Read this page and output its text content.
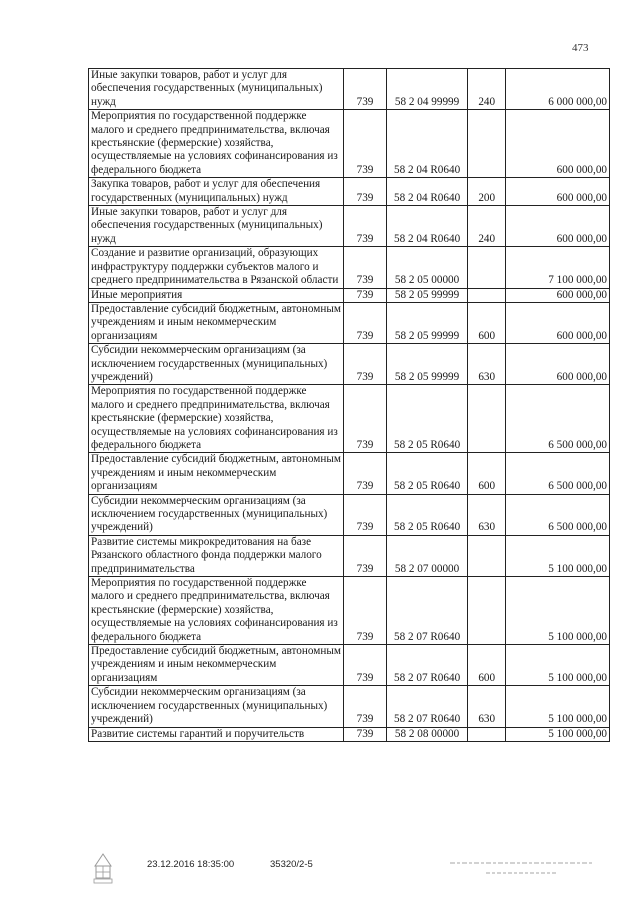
473
Иные закупки товаров, работ и услуг для обеспечения государственных (муниципальных) нужд	739	58 2 04 99999	240	6 000 000,00
Мероприятия по государственной поддержке малого и среднего предпринимательства, включая крестьянские (фермерские) хозяйства, осуществляемые на условиях софинансирования из федерального бюджета	739	58 2 04 R0640		600 000,00
Закупка товаров, работ и услуг для обеспечения государственных (муниципальных) нужд	739	58 2 04 R0640	200	600 000,00
Иные закупки товаров, работ и услуг для обеспечения государственных (муниципальных) нужд	739	58 2 04 R0640	240	600 000,00
Создание и развитие организаций, образующих инфраструктуру поддержки субъектов малого и среднего предпринимательства в Рязанской области	739	58 2 05 00000		7 100 000,00
Иные мероприятия	739	58 2 05 99999		600 000,00
Предоставление субсидий бюджетным, автономным учреждениям и иным некоммерческим организациям	739	58 2 05 99999	600	600 000,00
Субсидии некоммерческим организациям (за исключением государственных (муниципальных) учреждений)	739	58 2 05 99999	630	600 000,00
Мероприятия по государственной поддержке малого и среднего предпринимательства, включая крестьянские (фермерские) хозяйства, осуществляемые на условиях софинансирования из федерального бюджета	739	58 2 05 R0640		6 500 000,00
Предоставление субсидий бюджетным, автономным учреждениям и иным некоммерческим организациям	739	58 2 05 R0640	600	6 500 000,00
Субсидии некоммерческим организациям (за исключением государственных (муниципальных) учреждений)	739	58 2 05 R0640	630	6 500 000,00
Развитие системы микрокредитования на базе Рязанского областного фонда поддержки малого предпринимательства	739	58 2 07 00000		5 100 000,00
Мероприятия по государственной поддержке малого и среднего предпринимательства, включая крестьянские (фермерские) хозяйства, осуществляемые на условиях софинансирования из федерального бюджета	739	58 2 07 R0640		5 100 000,00
Предоставление субсидий бюджетным, автономным учреждениям и иным некоммерческим организациям	739	58 2 07 R0640	600	5 100 000,00
Субсидии некоммерческим организациям (за исключением государственных (муниципальных) учреждений)	739	58 2 07 R0640	630	5 100 000,00
Развитие системы гарантий и поручительств	739	58 2 08 00000		5 100 000,00
23.12.2016 18:35:00	35320/2-5
